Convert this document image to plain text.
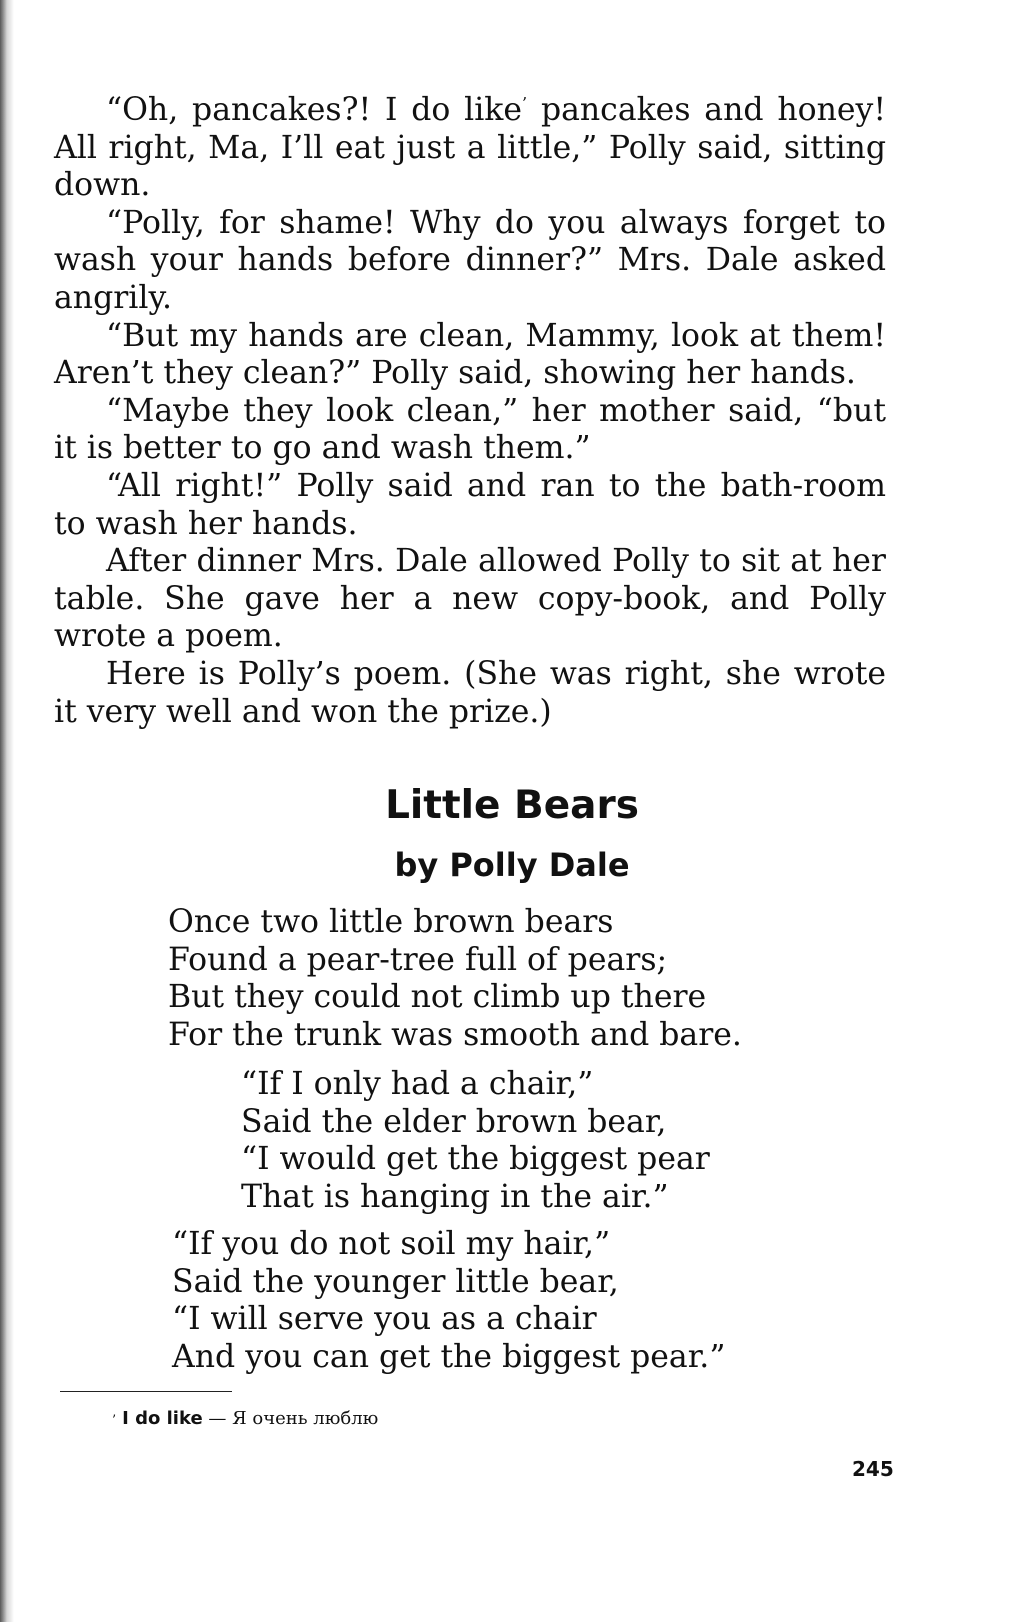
“Oh, pancakes?! I do like’ pancakes and honey! All right, Ma, I’ll eat just a little,” Polly said, sitting down.

“Polly, for shame! Why do you always forget to wash your hands before dinner?” Mrs. Dale asked angrily.

“But my hands are clean, Mammy, look at them! Aren’t they clean?” Polly said, showing her hands.

“Maybe they look clean,” her mother said, “but it is better to go and wash them.”

“All right!” Polly said and ran to the bath-room to wash her hands.

After dinner Mrs. Dale allowed Polly to sit at her table. She gave her a new copy-book, and Polly wrote a poem.

Here is Polly’s poem. (She was right, she wrote it very well and won the prize.)

Little Bears
by Polly Dale
Once two little brown bears
Found a pear-tree full of pears;
But they could not climb up there
For the trunk was smooth and bare.
“If I only had a chair,”
Said the elder brown bear,
“I would get the biggest pear
That is hanging in the air.”
“If you do not soil my hair,”
Said the younger little bear,
“I will serve you as a chair
And you can get the biggest pear.”

’ I do like — Я очень люблю

245
